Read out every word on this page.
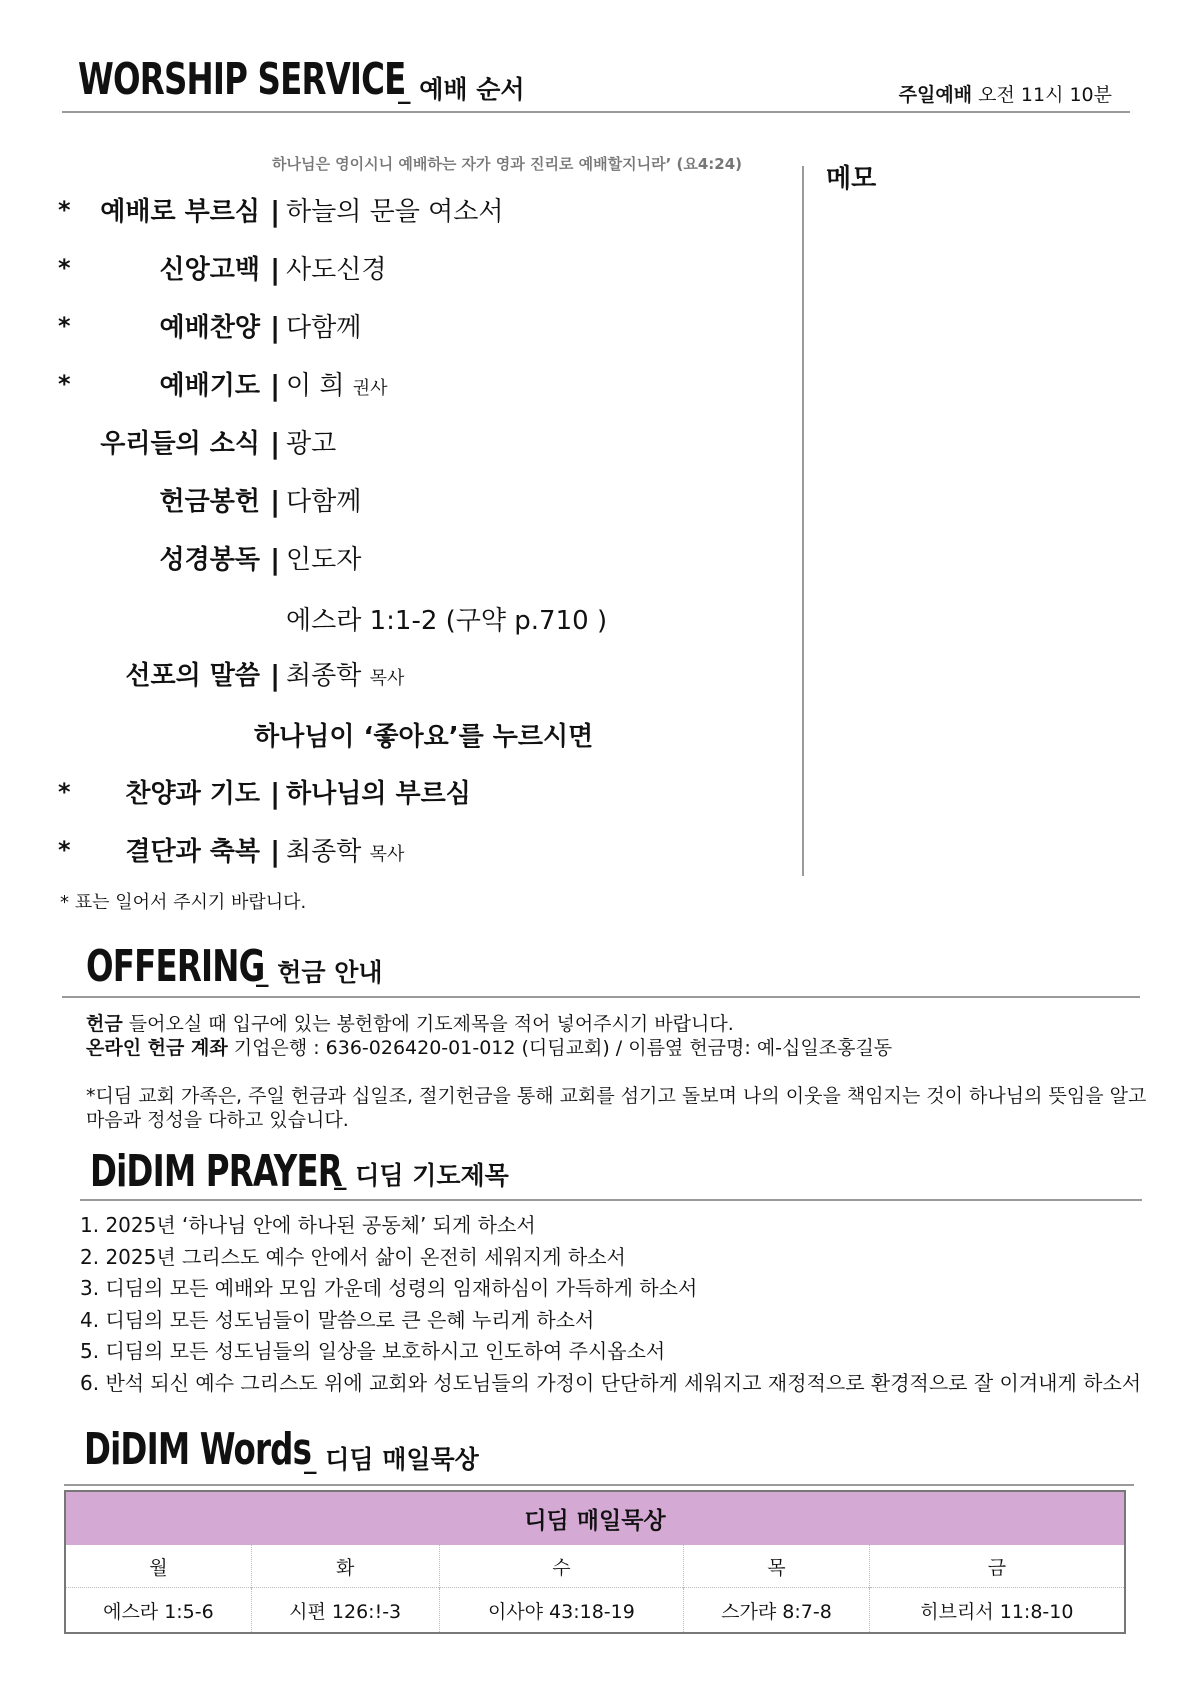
WORSHIP SERVICE
_ 예배 순서	주일예배 오전 11시 10분
하나님은 영이시니 예배하는 자가 영과 진리로 예배할지니라’ (요4:24)	메모
* 예배로 부르심 | 하늘의 문을 여소서
*	신앙고백 | 사도신경
*	예배찬양 | 다함께
*	예배기도 | 이 희 권사
우리들의 소식 | 광고
헌금봉헌 | 다함께
성경봉독 | 인도자
에스라 1:1-2 (구약 p.710 )
선포의 말씀 | 최종학 목사
하나님이 ‘좋아요’를 누르시면
* 찬양과 기도 | 하나님의 부르심
* 결단과 축복 | 최종학 목사
* 표는 일어서 주시기 바랍니다.
OFFERING
_ 헌금 안내
헌금 들어오실 때 입구에 있는 봉헌함에 기도제목을 적어 넣어주시기 바랍니다.
온라인 헌금 계좌 기업은행 : 636-026420-01-012 (디딤교회) / 이름옆 헌금명: 예-십일조홍길동
*디딤 교회 가족은, 주일 헌금과 십일조, 절기헌금을 통해 교회를 섬기고 돌보며 나의 이웃을 책임지는 것이 하나님의 뜻임을 알고
마음과 정성을 다하고 있습니다.
DiDIM PRAYER
_ 디딤 기도제목
1. 2025년 ‘하나님 안에 하나된 공동체’ 되게 하소서
2. 2025년 그리스도 예수 안에서 삶이 온전히 세워지게 하소서
3. 디딤의 모든 예배와 모임 가운데 성령의 임재하심이 가득하게 하소서
4. 디딤의 모든 성도님들이 말씀으로 큰 은혜 누리게 하소서
5. 디딤의 모든 성도님들의 일상을 보호하시고 인도하여 주시옵소서
6. 반석 되신 예수 그리스도 위에 교회와 성도님들의 가정이 단단하게 세워지고 재정적으로 환경적으로 잘 이겨내게 하소서
DiDIM Words
_ 디딤 매일묵상
디딤 매일묵상				
월	화	수	목	금
에스라 1:5-6	시편 126:!-3	이사야 43:18-19	스가랴 8:7-8	히브리서 11:8-10
